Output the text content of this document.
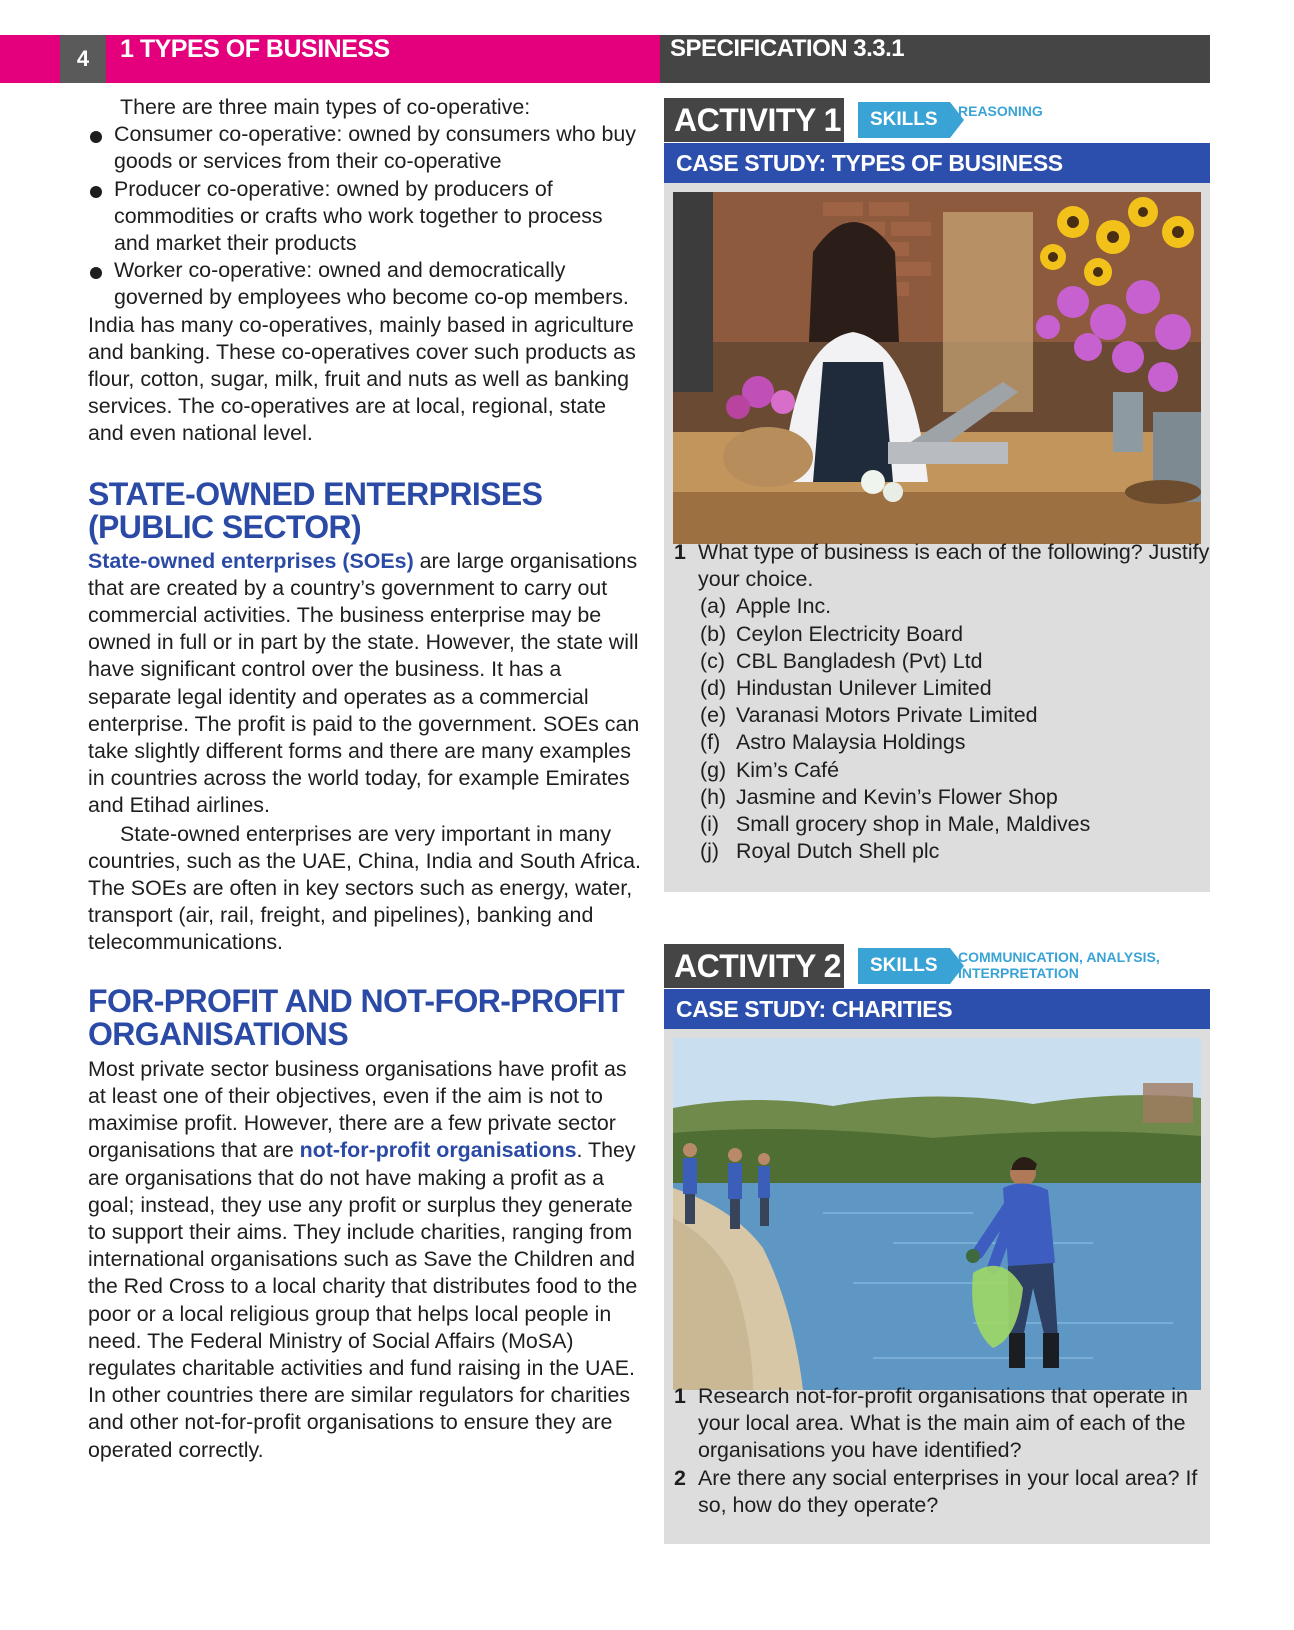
4	1 TYPES OF BUSINESS	SPECIFICATION 3.3.1

There are three main types of co-operative:

Consumer co-operative: owned by consumers who buy goods or services from their co-operative
Producer co-operative: owned by producers of commodities or crafts who work together to process and market their products
Worker co-operative: owned and democratically governed by employees who become co-op members.

India has many co-operatives, mainly based in agriculture and banking. These co-operatives cover such products as flour, cotton, sugar, milk, fruit and nuts as well as banking services. The co-operatives are at local, regional, state and even national level.

STATE-OWNED ENTERPRISES (PUBLIC SECTOR)

State-owned enterprises (SOEs) are large organisations that are created by a country’s government to carry out commercial activities. The business enterprise may be owned in full or in part by the state. However, the state will have significant control over the business. It has a separate legal identity and operates as a commercial enterprise. The profit is paid to the government. SOEs can take slightly different forms and there are many examples in countries across the world today, for example Emirates and Etihad airlines.

State-owned enterprises are very important in many countries, such as the UAE, China, India and South Africa. The SOEs are often in key sectors such as energy, water, transport (air, rail, freight, and pipelines), banking and telecommunications.

FOR-PROFIT AND NOT-FOR-PROFIT ORGANISATIONS

Most private sector business organisations have profit as at least one of their objectives, even if the aim is not to maximise profit. However, there are a few private sector organisations that are not-for-profit organisations. They are organisations that do not have making a profit as a goal; instead, they use any profit or surplus they generate to support their aims. They include charities, ranging from international organisations such as Save the Children and the Red Cross to a local charity that distributes food to the poor or a local religious group that helps local people in need. The Federal Ministry of Social Affairs (MoSA) regulates charitable activities and fund raising in the UAE. In other countries there are similar regulators for charities and other not-for-profit organisations to ensure they are operated correctly.

ACTIVITY 1	SKILLS	REASONING
CASE STUDY: TYPES OF BUSINESS
1 What type of business is each of the following? Justify your choice.
(a) Apple Inc.
(b) Ceylon Electricity Board
(c) CBL Bangladesh (Pvt) Ltd
(d) Hindustan Unilever Limited
(e) Varanasi Motors Private Limited
(f) Astro Malaysia Holdings
(g) Kim’s Café
(h) Jasmine and Kevin’s Flower Shop
(i) Small grocery shop in Male, Maldives
(j) Royal Dutch Shell plc
ACTIVITY 2	SKILLS	COMMUNICATION, ANALYSIS,
INTERPRETATION
CASE STUDY: CHARITIES
1 Research not-for-profit organisations that operate in your local area. What is the main aim of each of the organisations you have identified?
2 Are there any social enterprises in your local area? If so, how do they operate?
